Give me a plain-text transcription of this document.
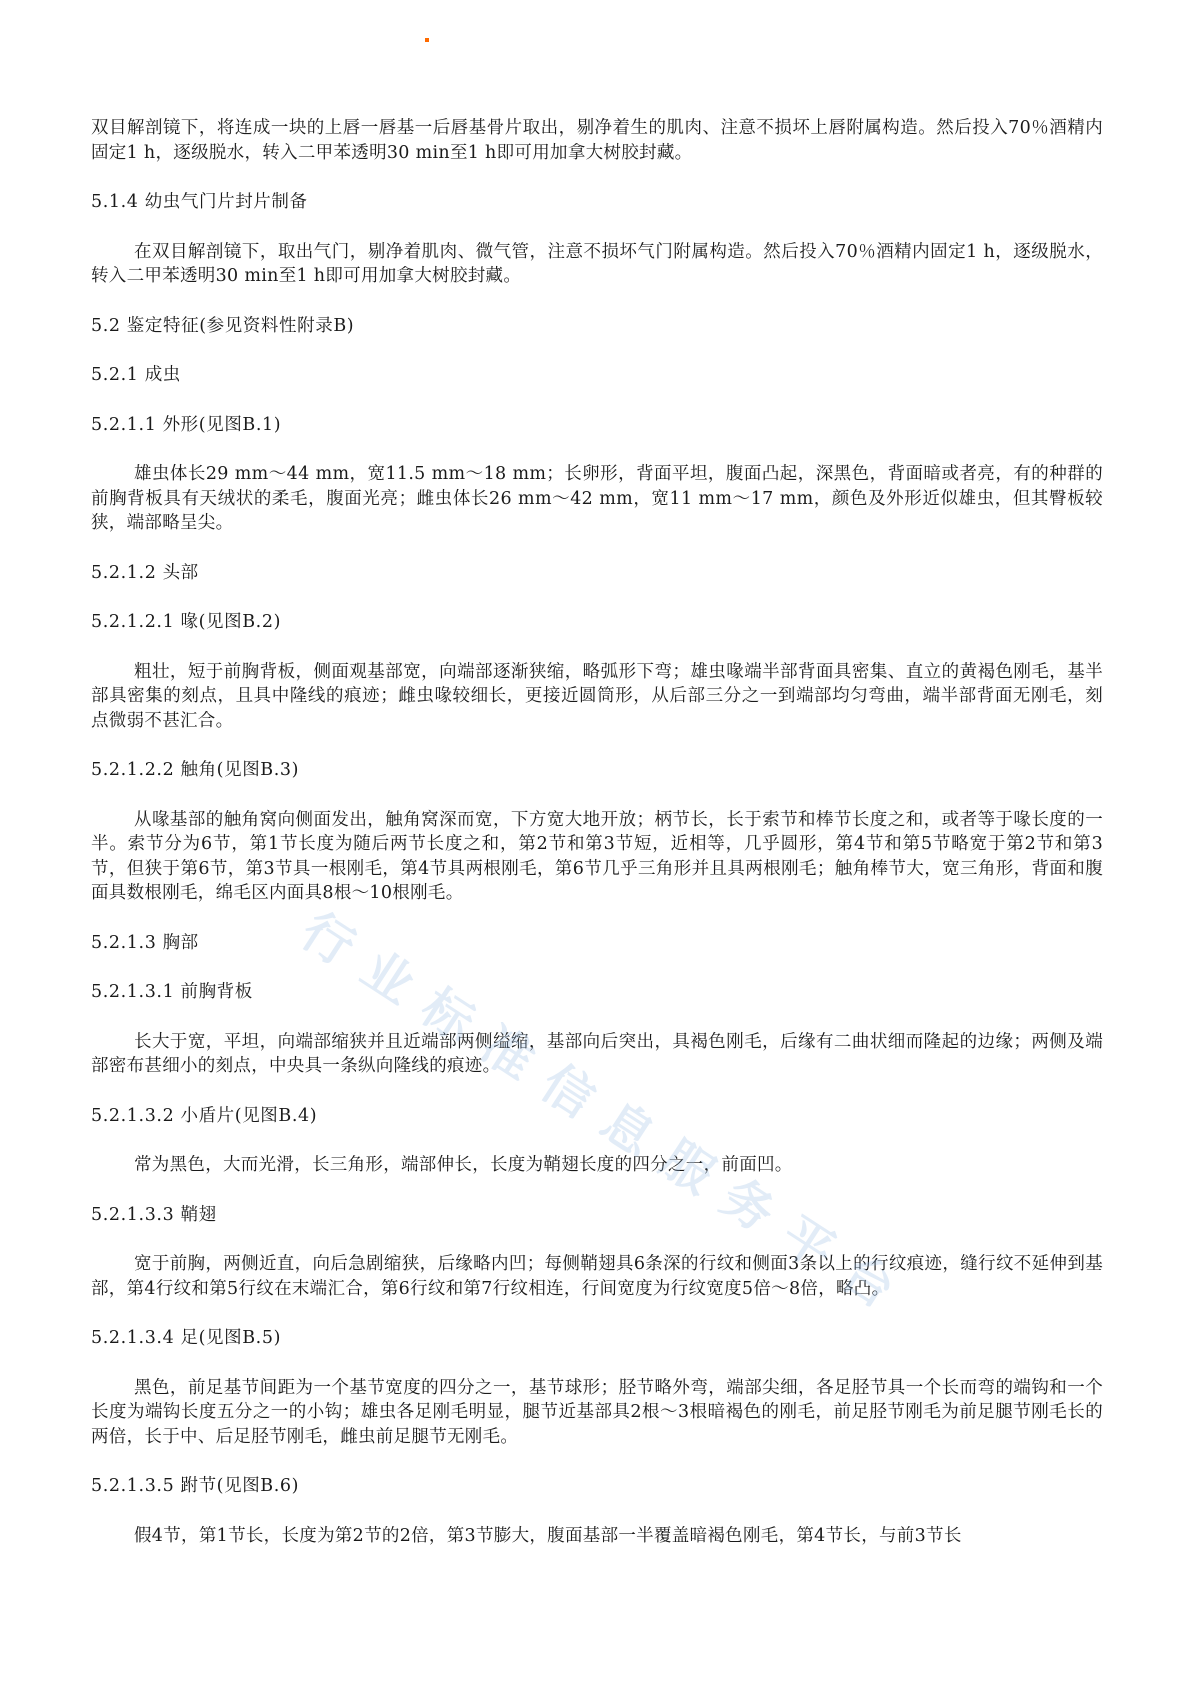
双目解剖镜下，将连成一块的上唇一唇基一后唇基骨片取出，剔净着生的肌肉、注意不损坏上唇附属构造。然后投入70％酒精内固定1 h，逐级脱水，转入二甲苯透明30 min至1 h即可用加拿大树胶封藏。
5.1.4 幼虫气门片封片制备
在双目解剖镜下，取出气门，剔净着肌肉、微气管，注意不损坏气门附属构造。然后投入70％酒精内固定1 h，逐级脱水，转入二甲苯透明30 min至1 h即可用加拿大树胶封藏。
5.2 鉴定特征(参见资料性附录B)
5.2.1 成虫
5.2.1.1 外形(见图B.1)
雄虫体长29 mm～44 mm，宽11.5 mm～18 mm；长卵形，背面平坦，腹面凸起，深黑色，背面暗或者亮，有的种群的前胸背板具有天绒状的柔毛，腹面光亮；雌虫体长26 mm～42 mm，宽11 mm～17 mm，颜色及外形近似雄虫，但其臀板较狭，端部略呈尖。
5.2.1.2 头部
5.2.1.2.1 喙(见图B.2)
粗壮，短于前胸背板，侧面观基部宽，向端部逐渐狭缩，略弧形下弯；雄虫喙端半部背面具密集、直立的黄褐色刚毛，基半部具密集的刻点，且具中隆线的痕迹；雌虫喙较细长，更接近圆筒形，从后部三分之一到端部均匀弯曲，端半部背面无刚毛，刻点微弱不甚汇合。
5.2.1.2.2 触角(见图B.3)
从喙基部的触角窝向侧面发出，触角窝深而宽，下方宽大地开放；柄节长，长于索节和棒节长度之和，或者等于喙长度的一半。索节分为6节，第1节长度为随后两节长度之和，第2节和第3节短，近相等，几乎圆形，第4节和第5节略宽于第2节和第3节，但狭于第6节，第3节具一根刚毛，第4节具两根刚毛，第6节几乎三角形并且具两根刚毛；触角棒节大，宽三角形，背面和腹面具数根刚毛，绵毛区内面具8根～10根刚毛。
5.2.1.3 胸部
5.2.1.3.1 前胸背板
长大于宽，平坦，向端部缩狭并且近端部两侧缢缩，基部向后突出，具褐色刚毛，后缘有二曲状细而隆起的边缘；两侧及端部密布甚细小的刻点，中央具一条纵向隆线的痕迹。
5.2.1.3.2 小盾片(见图B.4)
常为黑色，大而光滑，长三角形，端部伸长，长度为鞘翅长度的四分之一，前面凹。
5.2.1.3.3 鞘翅
宽于前胸，两侧近直，向后急剧缩狭，后缘略内凹；每侧鞘翅具6条深的行纹和侧面3条以上的行纹痕迹，缝行纹不延伸到基部，第4行纹和第5行纹在末端汇合，第6行纹和第7行纹相连，行间宽度为行纹宽度5倍～8倍，略凸。
5.2.1.3.4 足(见图B.5)
黑色，前足基节间距为一个基节宽度的四分之一，基节球形；胫节略外弯，端部尖细，各足胫节具一个长而弯的端钩和一个长度为端钩长度五分之一的小钩；雄虫各足刚毛明显，腿节近基部具2根～3根暗褐色的刚毛，前足胫节刚毛为前足腿节刚毛长的两倍，长于中、后足胫节刚毛，雌虫前足腿节无刚毛。
5.2.1.3.5 跗节(见图B.6)
假4节，第1节长，长度为第2节的2倍，第3节膨大，腹面基部一半覆盖暗褐色刚毛，第4节长，与前3节长
行
业
标
准
信
息
服
务
平
台
